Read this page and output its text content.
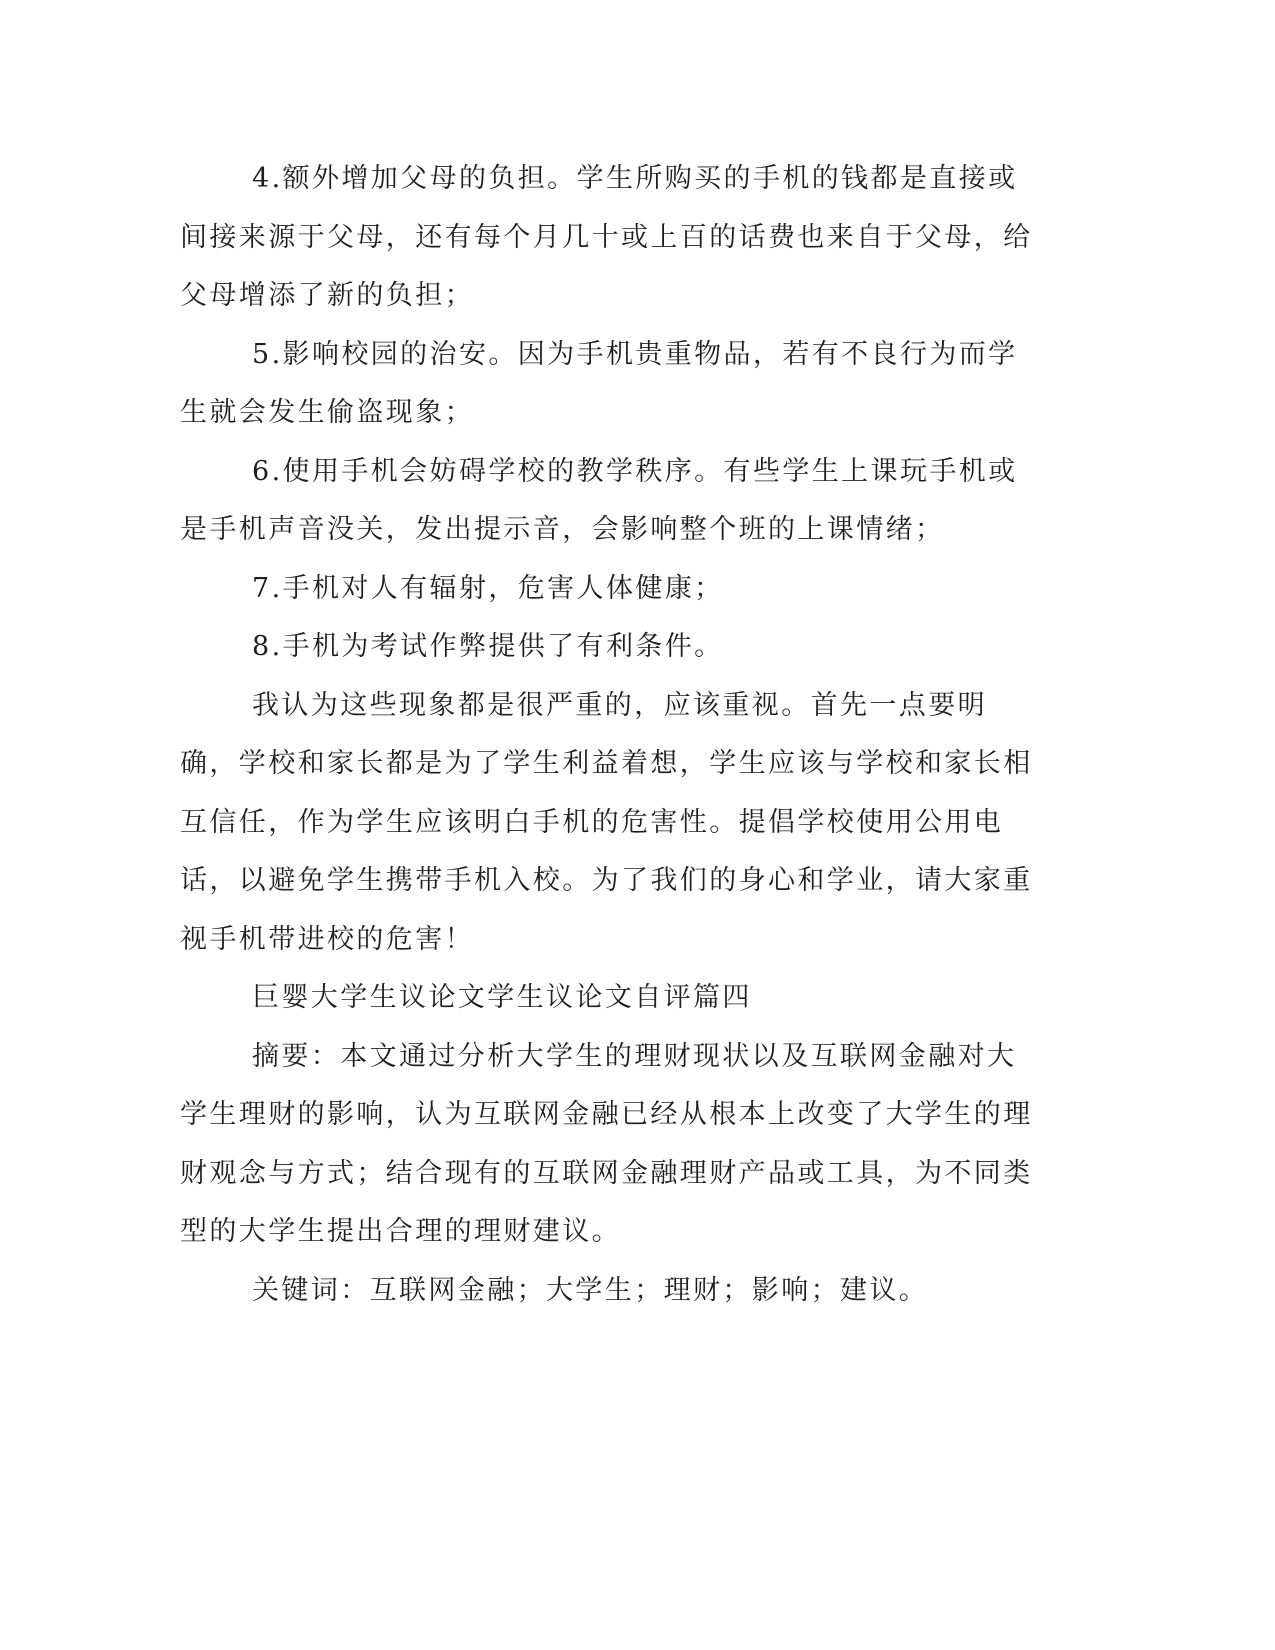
4.额外增加父母的负担。学生所购买的手机的钱都是直接或间接来源于父母，还有每个月几十或上百的话费也来自于父母，给父母增添了新的负担；

5.影响校园的治安。因为手机贵重物品，若有不良行为而学生就会发生偷盗现象；

6.使用手机会妨碍学校的教学秩序。有些学生上课玩手机或是手机声音没关，发出提示音，会影响整个班的上课情绪；

7.手机对人有辐射，危害人体健康；

8.手机为考试作弊提供了有利条件。

我认为这些现象都是很严重的，应该重视。首先一点要明确，学校和家长都是为了学生利益着想，学生应该与学校和家长相互信任，作为学生应该明白手机的危害性。提倡学校使用公用电话，以避免学生携带手机入校。为了我们的身心和学业，请大家重视手机带进校的危害！

巨婴大学生议论文学生议论文自评篇四

摘要：本文通过分析大学生的理财现状以及互联网金融对大学生理财的影响，认为互联网金融已经从根本上改变了大学生的理财观念与方式；结合现有的互联网金融理财产品或工具，为不同类型的大学生提出合理的理财建议。

关键词：互联网金融；大学生；理财；影响；建议。
